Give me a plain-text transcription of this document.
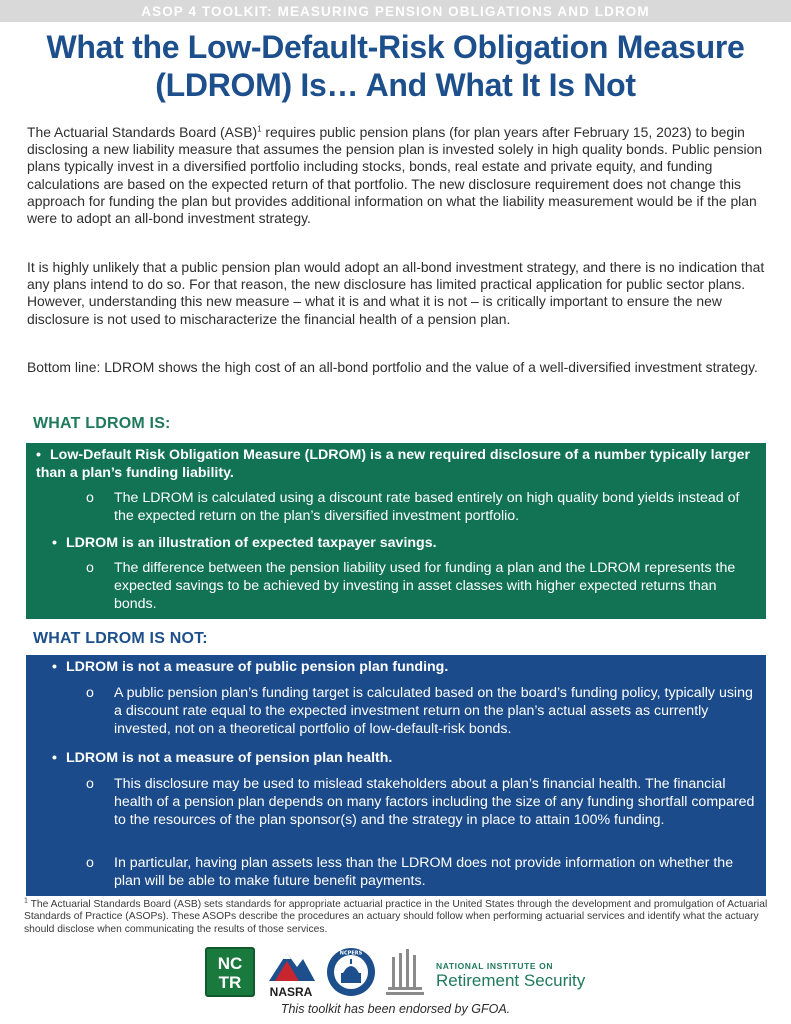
ASOP 4 TOOLKIT: MEASURING PENSION OBLIGATIONS AND LDROM
What the Low-Default-Risk Obligation Measure
(LDROM) Is… And What It Is Not

The Actuarial Standards Board (ASB)$^1$ requires public pension plans (for plan years after February 15, 2023) to begin disclosing a new liability measure that assumes the pension plan is invested solely in high quality bonds. Public pension plans typically invest in a diversified portfolio including stocks, bonds, real estate and private equity, and funding calculations are based on the expected return of that portfolio. The new disclosure requirement does not change this approach for funding the plan but provides additional information on what the liability measurement would be if the plan were to adopt an all-bond investment strategy.

It is highly unlikely that a public pension plan would adopt an all-bond investment strategy, and there is no indication that any plans intend to do so. For that reason, the new disclosure has limited practical application for public sector plans. However, understanding this new measure – what it is and what it is not – is critically important to ensure the new disclosure is not used to mischaracterize the financial health of a pension plan.

Bottom line: LDROM shows the high cost of an all-bond portfolio and the value of a well-diversified investment strategy.

WHAT LDROM IS:
• Low-Default Risk Obligation Measure (LDROM) is a new required disclosure of a number typically larger than a plan’s funding liability.
o	The LDROM is calculated using a discount rate based entirely on high quality bond yields instead of the expected return on the plan’s diversified investment portfolio.
• LDROM is an illustration of expected taxpayer savings.
o	The difference between the pension liability used for funding a plan and the LDROM represents the expected savings to be achieved by investing in asset classes with higher expected returns than bonds.
WHAT LDROM IS NOT:
• LDROM is not a measure of public pension plan funding.
o	A public pension plan’s funding target is calculated based on the board’s funding policy, typically using a discount rate equal to the expected investment return on the plan’s actual assets as currently invested, not on a theoretical portfolio of low-default-risk bonds.
• LDROM is not a measure of pension plan health.
o	This disclosure may be used to mislead stakeholders about a plan’s financial health. The financial health of a pension plan depends on many factors including the size of any funding shortfall compared to the resources of the plan sponsor(s) and the strategy in place to attain 100% funding.
o	In particular, having plan assets less than the LDROM does not provide information on whether the plan will be able to make future benefit payments.

$^1$ The Actuarial Standards Board (ASB) sets standards for appropriate actuarial practice in the United States through the development and promulgation of Actuarial Standards of Practice (ASOPs). These ASOPs describe the procedures an actuary should follow when performing actuarial services and identify what the actuary should disclose when communicating the results of those services.

NC
TR	NASRA
NCPERS
NATIONAL INSTITUTE ON
Retirement Security
This toolkit has been endorsed by GFOA.
